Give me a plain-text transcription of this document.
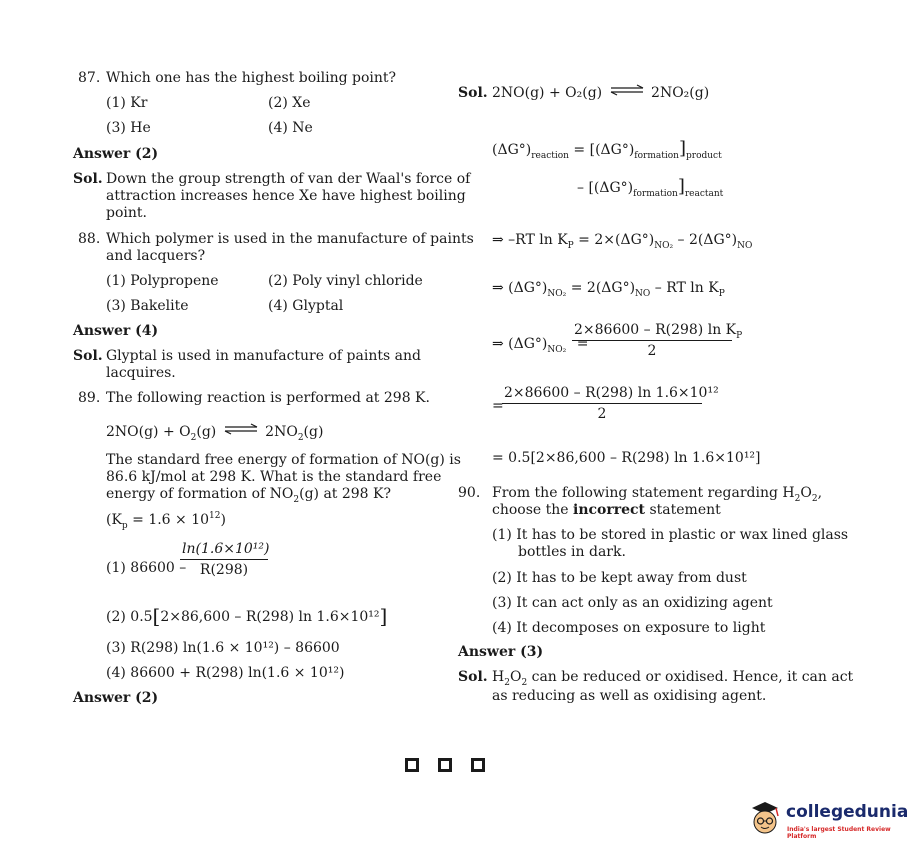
87. Which one has the highest boiling point?
(1) Kr	(2) Xe
(3) He	(4) Ne
Answer (2)
Sol. Down the group strength of van der Waal's force of
attraction increases hence Xe have highest boiling
point.
88. Which polymer is used in the manufacture of paints
and lacquers?
(1) Polypropene	(2) Poly vinyl chloride
(3) Bakelite	(4) Glyptal
Answer (4)
Sol. Glyptal is used in manufacture of paints and
lacquires.
89. The following reaction is performed at 298 K.
$2NO(g) + O_2(g)$ ⇌ $2NO_2(g)$
The standard free energy of formation of NO(g) is
86.6 kJ/mol at 298 K. What is the standard free
energy of formation of $NO_2(g)$ at 298 K?
$(K_p = 1.6 \times 10^{12})$
(1) 86600 –
$\frac{\text{ln(1.6×10¹²)}}{R(298)}$
(2) 0.5[2×86,600 – R(298) ln 1.6×10¹²]
(3) R(298) ln(1.6 × 10¹²) – 86600
(4) 86600 + R(298) ln(1.6 × 10¹²)
Answer (2)
Sol. 2NO(g) + O₂(g) ⇌ 2NO₂(g)
$(\Delta G^\circ)_{reaction} = [(\Delta G^\circ)_{formation}]_{product}$
– $[(\Delta G^\circ)_{formation}]_{reactant}$
⇒ –RT $\ln K_P = 2\times(\Delta G^\circ)_{NO_2} - 2(\Delta G^\circ)_{NO}$
⇒ $(\Delta G^\circ)_{NO_2} = 2(\Delta G^\circ)_{NO}$ – RT $\ln K_P$
⇒ $(\Delta G^\circ)_{NO_2}$ =
$\frac{2\times 86600 - R(298) \ln K_P}{2}$
=
$\frac{\text{2×86600 – R(298) ln 1.6×10¹²}}{2}$
= 0.5[2×86,600 – R(298) ln 1.6×10¹²]
90. From the following statement regarding $H_2O_2$,
choose the incorrect statement
(1) It has to be stored in plastic or wax lined glass
bottles in dark.
(2) It has to be kept away from dust
(3) It can act only as an oxidizing agent
(4) It decomposes on exposure to light
Answer (3)
Sol. $H_2O_2$ can be reduced or oxidised. Hence, it can act
as reducing as well as oxidising agent.
collegedunia
India's largest Student Review Platform
